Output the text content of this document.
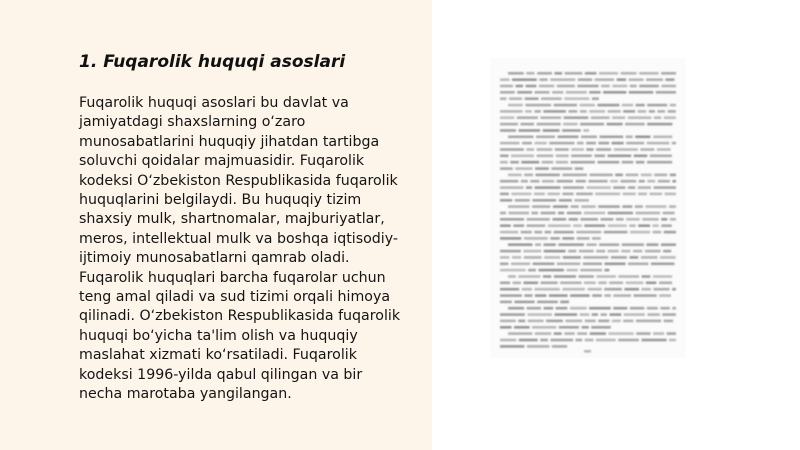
1. Fuqarolik huquqi asoslari

Fuqarolik huquqi asoslari bu davlat va
jamiyatdagi shaxslarning o‘zaro
munosabatlarini huquqiy jihatdan tartibga
soluvchi qoidalar majmuasidir. Fuqarolik
kodeksi O‘zbekiston Respublikasida fuqarolik
huquqlarini belgilaydi. Bu huquqiy tizim
shaxsiy mulk, shartnomalar, majburiyatlar,
meros, intellektual mulk va boshqa iqtisodiy-
ijtimoiy munosabatlarni qamrab oladi.
Fuqarolik huquqlari barcha fuqarolar uchun
teng amal qiladi va sud tizimi orqali himoya
qilinadi. O‘zbekiston Respublikasida fuqarolik
huquqi bo‘yicha ta'lim olish va huquqiy
maslahat xizmati ko‘rsatiladi. Fuqarolik
kodeksi 1996-yilda qabul qilingan va bir
necha marotaba yangilangan.
